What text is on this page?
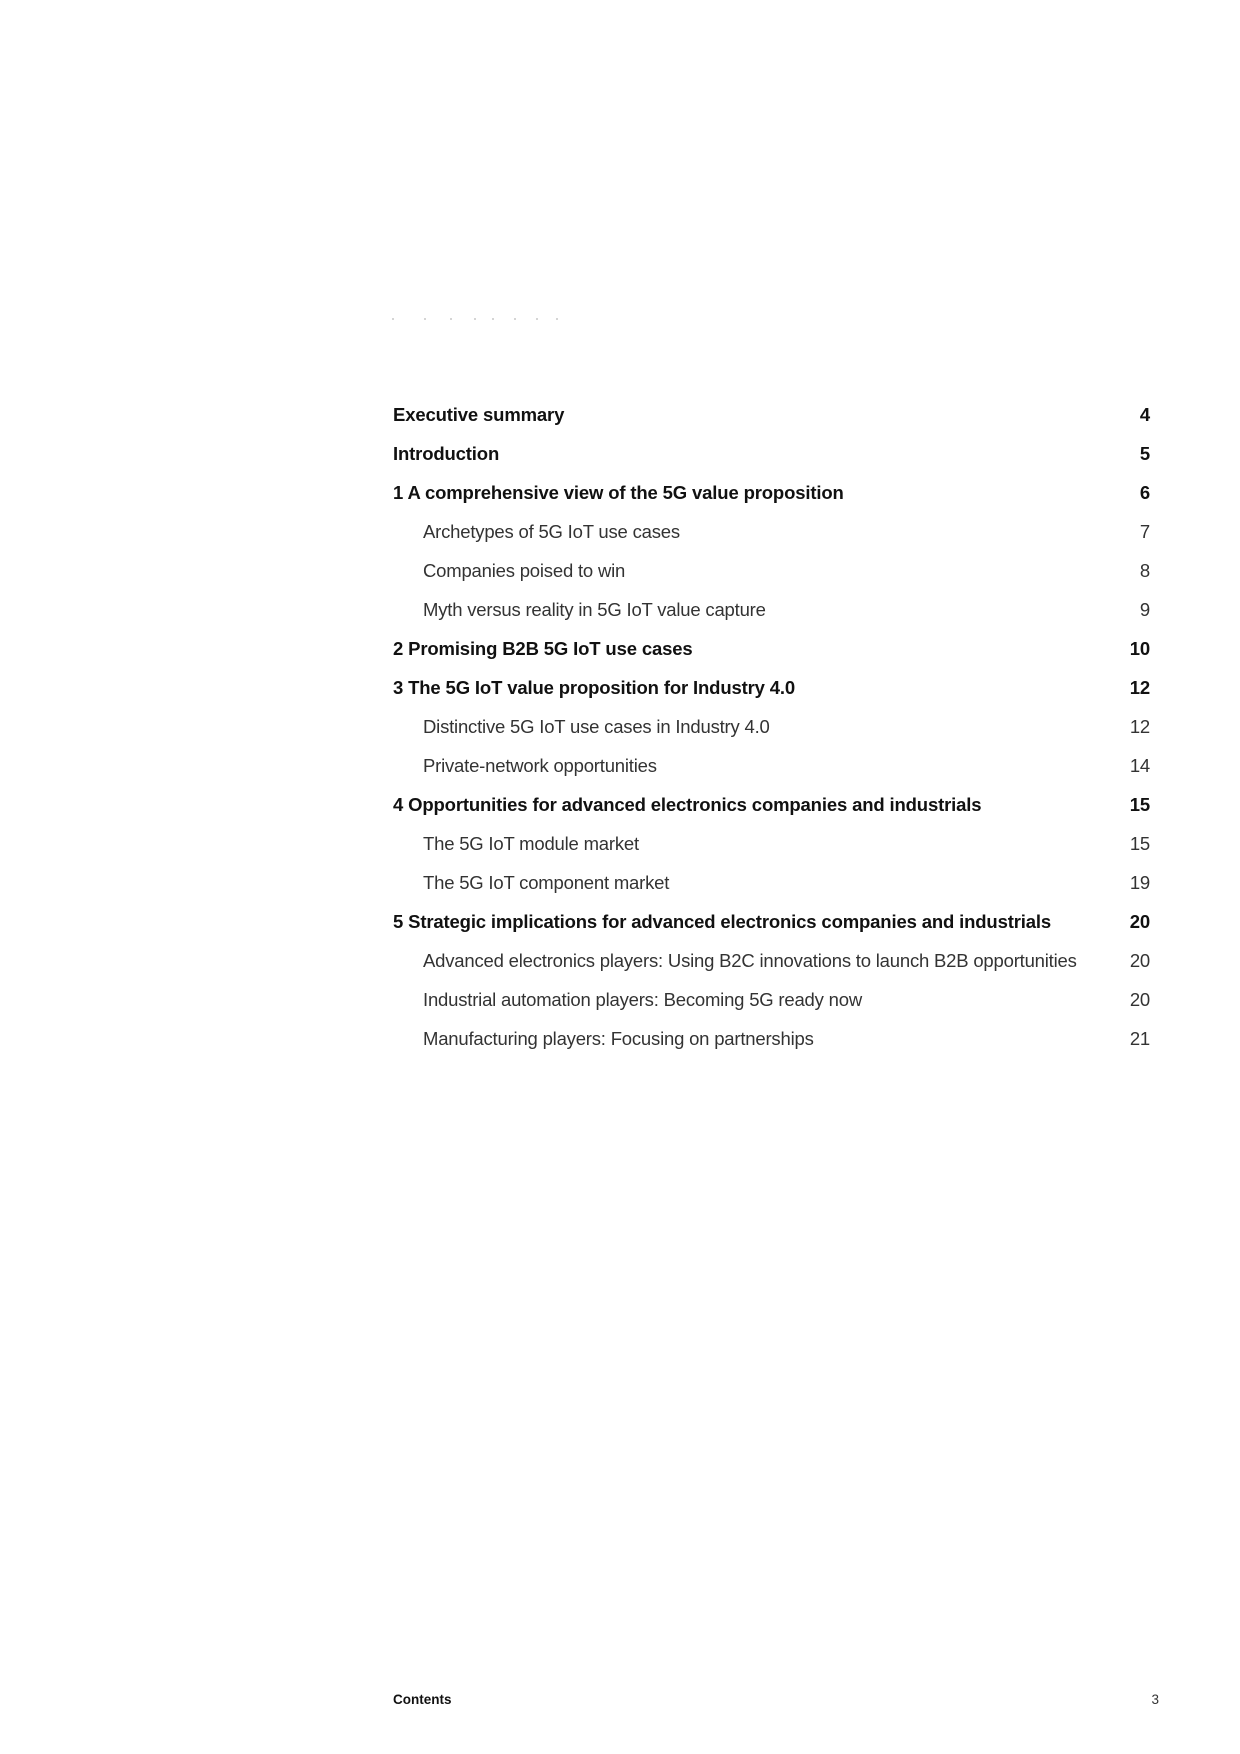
Executive summary	4
Introduction	5
1 A comprehensive view of the 5G value proposition	6
Archetypes of 5G IoT use cases	7
Companies poised to win	8
Myth versus reality in 5G IoT value capture	9
2 Promising B2B 5G IoT use cases	10
3 The 5G IoT value proposition for Industry 4.0	12
Distinctive 5G IoT use cases in Industry 4.0	12
Private-network opportunities	14
4 Opportunities for advanced electronics companies and industrials	15
The 5G IoT module market	15
The 5G IoT component market	19
5 Strategic implications for advanced electronics companies and industrials	20
Advanced electronics players: Using B2C innovations to launch B2B opportunities	20
Industrial automation players: Becoming 5G ready now	20
Manufacturing players: Focusing on partnerships	21
Contents	3
